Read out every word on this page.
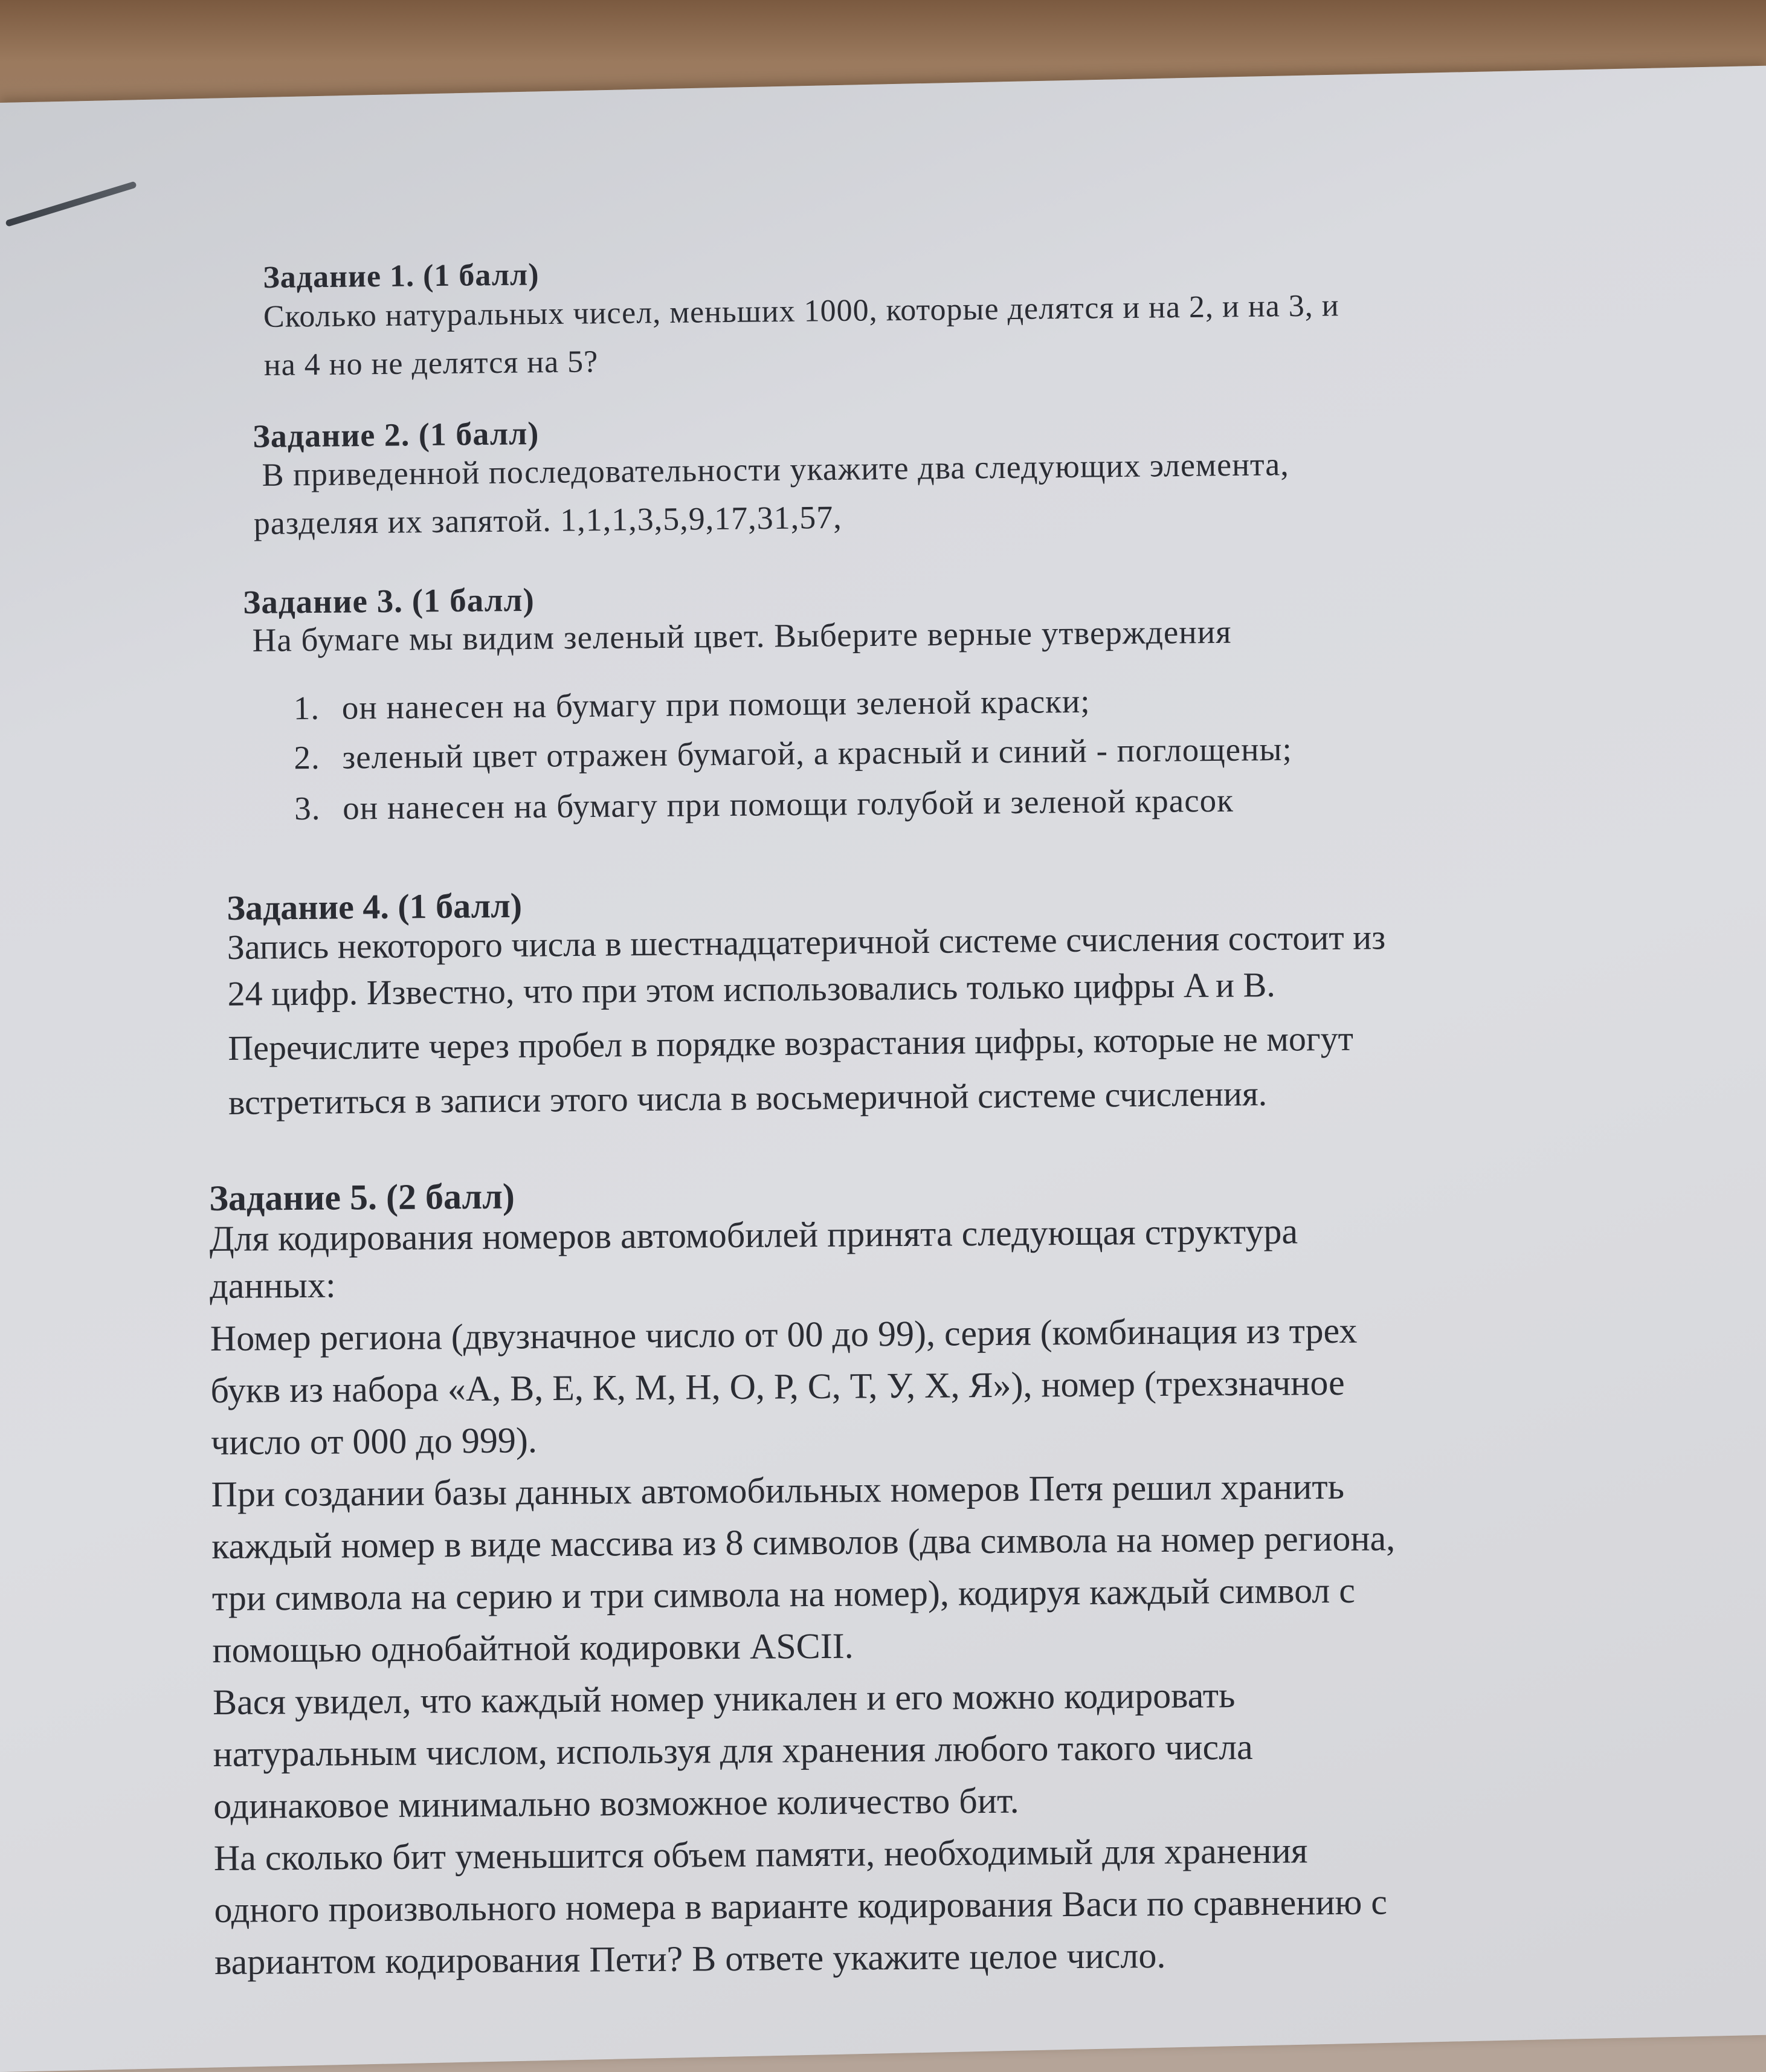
Задание 1. (1 балл)
Сколько натуральных чисел, меньших 1000, которые делятся и на 2, и на 3, и
на 4 но не делятся на 5?
Задание 2. (1 балл)
В приведенной последовательности укажите два следующих элемента,
разделяя их запятой. 1,1,1,3,5,9,17,31,57,
Задание 3. (1 балл)
На бумаге мы видим зеленый цвет. Выберите верные утверждения
1. он нанесен на бумагу при помощи зеленой краски;
2. зеленый цвет отражен бумагой, а красный и синий - поглощены;
3. он нанесен на бумагу при помощи голубой и зеленой красок
Задание 4. (1 балл)
Запись некоторого числа в шестнадцатеричной системе счисления состоит из
24 цифр. Известно, что при этом использовались только цифры A и B.
Перечислите через пробел в порядке возрастания цифры, которые не могут
встретиться в записи этого числа в восьмеричной системе счисления.
Задание 5. (2 балл)
Для кодирования номеров автомобилей принята следующая структура
данных:
Номер региона (двузначное число от 00 до 99), серия (комбинация из трех
букв из набора «А, В, Е, К, М, Н, О, Р, С, Т, У, Х, Я»), номер (трехзначное
число от 000 до 999).
При создании базы данных автомобильных номеров Петя решил хранить
каждый номер в виде массива из 8 символов (два символа на номер региона,
три символа на серию и три символа на номер), кодируя каждый символ с
помощью однобайтной кодировки ASCII.
Вася увидел, что каждый номер уникален и его можно кодировать
натуральным числом, используя для хранения любого такого числа
одинаковое минимально возможное количество бит.
На сколько бит уменьшится объем памяти, необходимый для хранения
одного произвольного номера в варианте кодирования Васи по сравнению с
вариантом кодирования Пети? В ответе укажите целое число.
